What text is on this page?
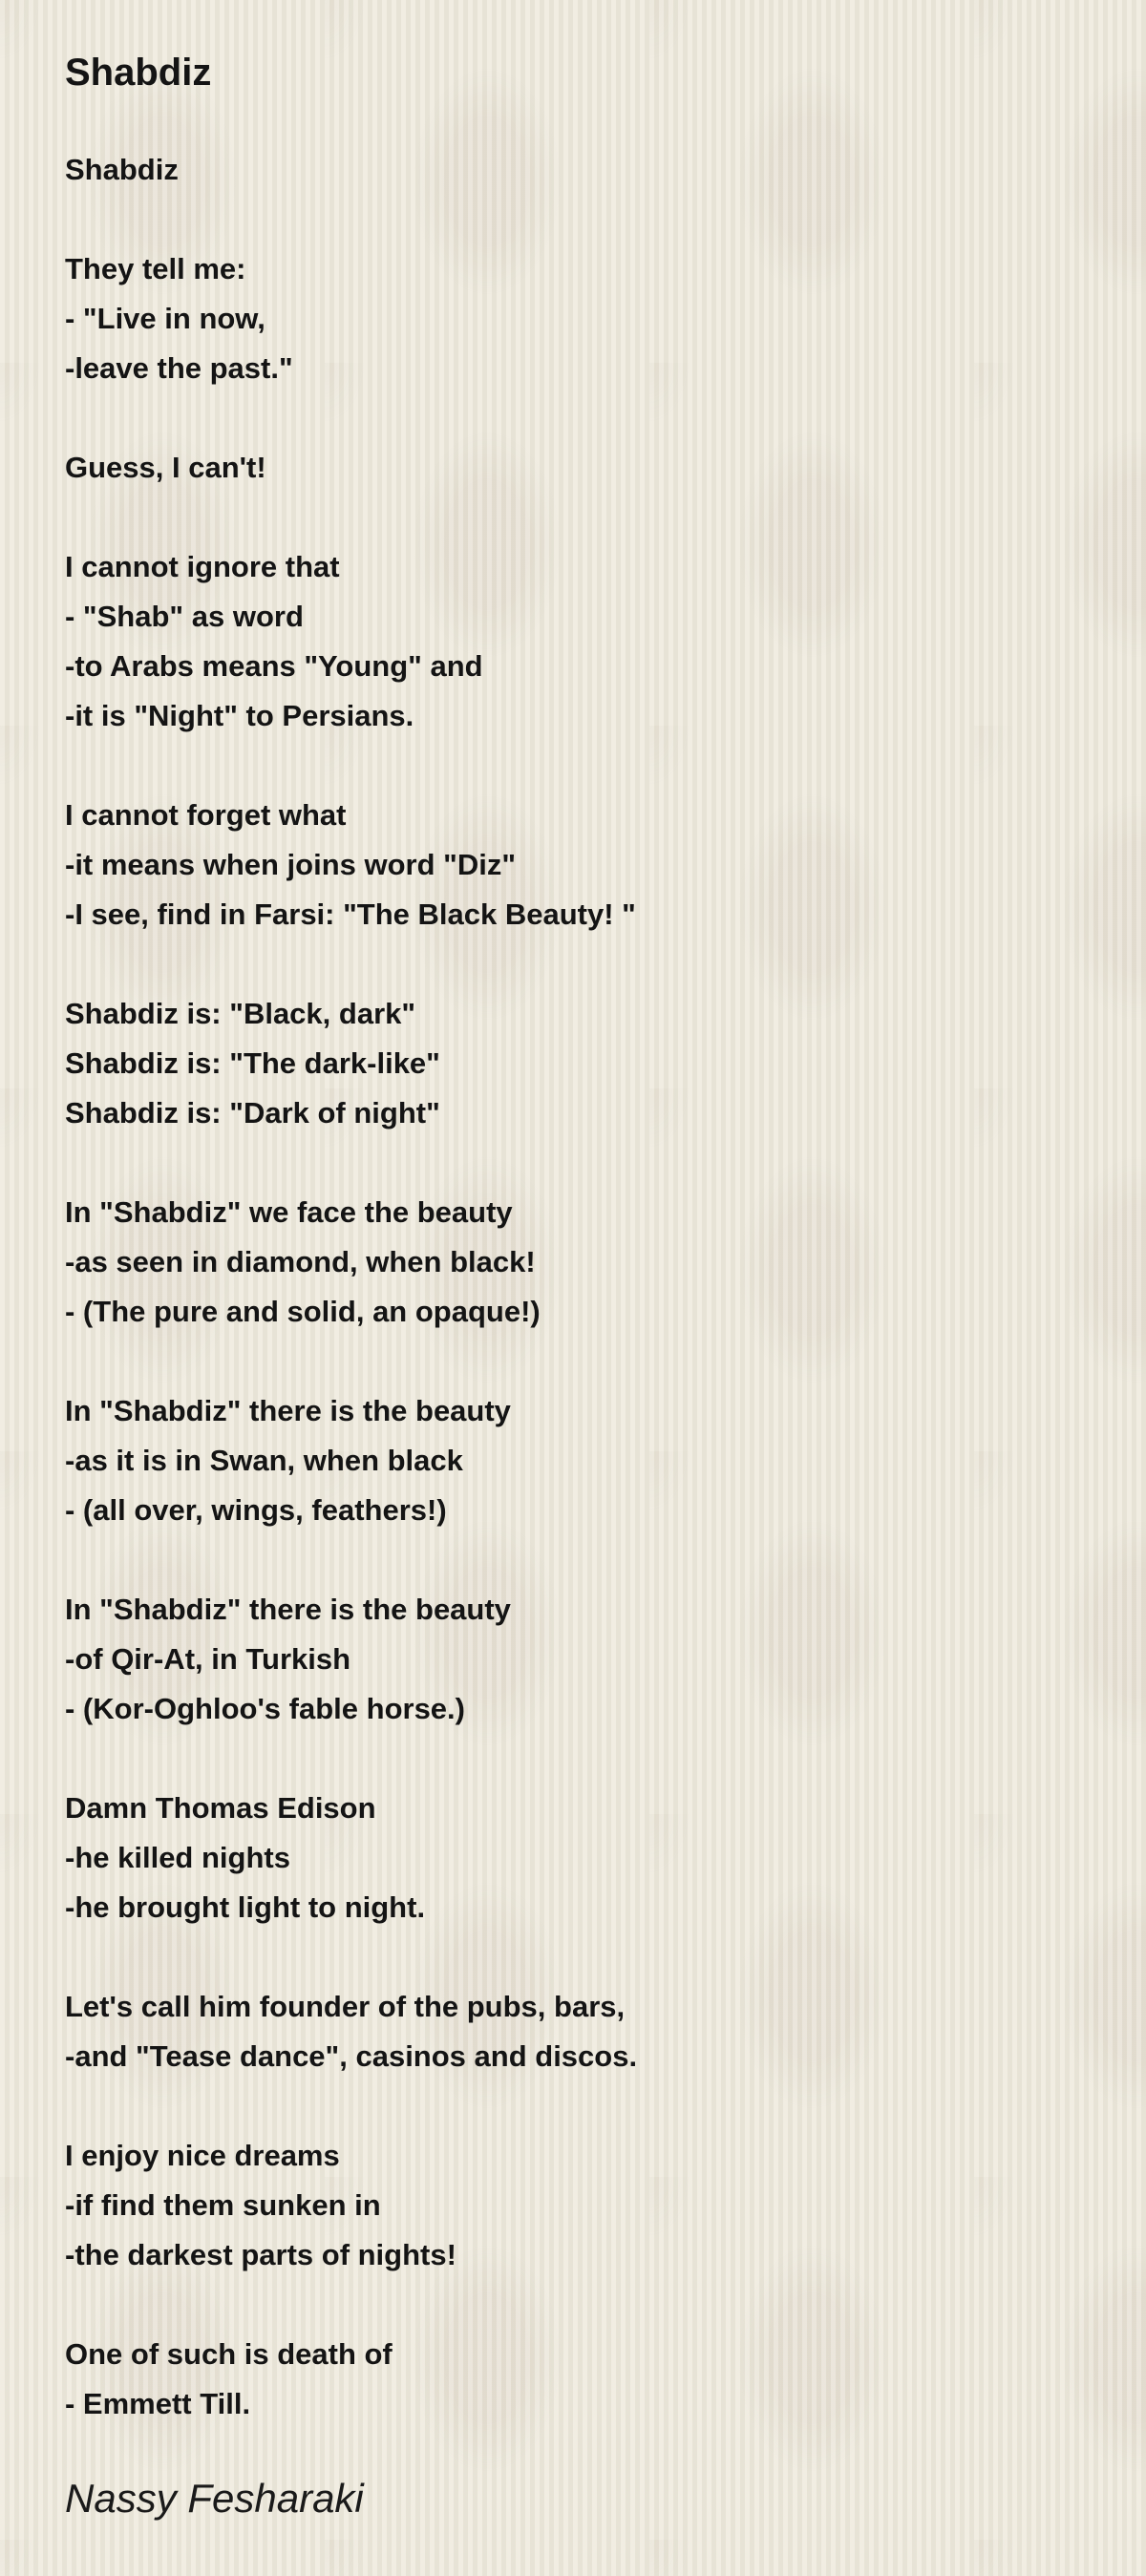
Shabdiz
Shabdiz
They tell me:
- "Live in now,
-leave the past."
Guess, I can't!
I cannot ignore that
- "Shab" as word
-to Arabs means "Young" and
-it is "Night" to Persians.
I cannot forget what
-it means when joins word "Diz"
-I see, find in Farsi: "The Black Beauty! "
Shabdiz is: "Black, dark"
Shabdiz is: "The dark-like"
Shabdiz is: "Dark of night"
In "Shabdiz" we face the beauty
-as seen in diamond, when black!
- (The pure and solid, an opaque!)
In "Shabdiz" there is the beauty
-as it is in Swan, when black
- (all over, wings, feathers!)
In "Shabdiz" there is the beauty
-of Qir-At, in Turkish
- (Kor-Oghloo's fable horse.)
Damn Thomas Edison
-he killed nights
-he brought light to night.
Let's call him founder of the pubs, bars,
-and "Tease dance", casinos and discos.
I enjoy nice dreams
-if find them sunken in
-the darkest parts of nights!
One of such is death of
- Emmett Till.
Nassy Fesharaki
